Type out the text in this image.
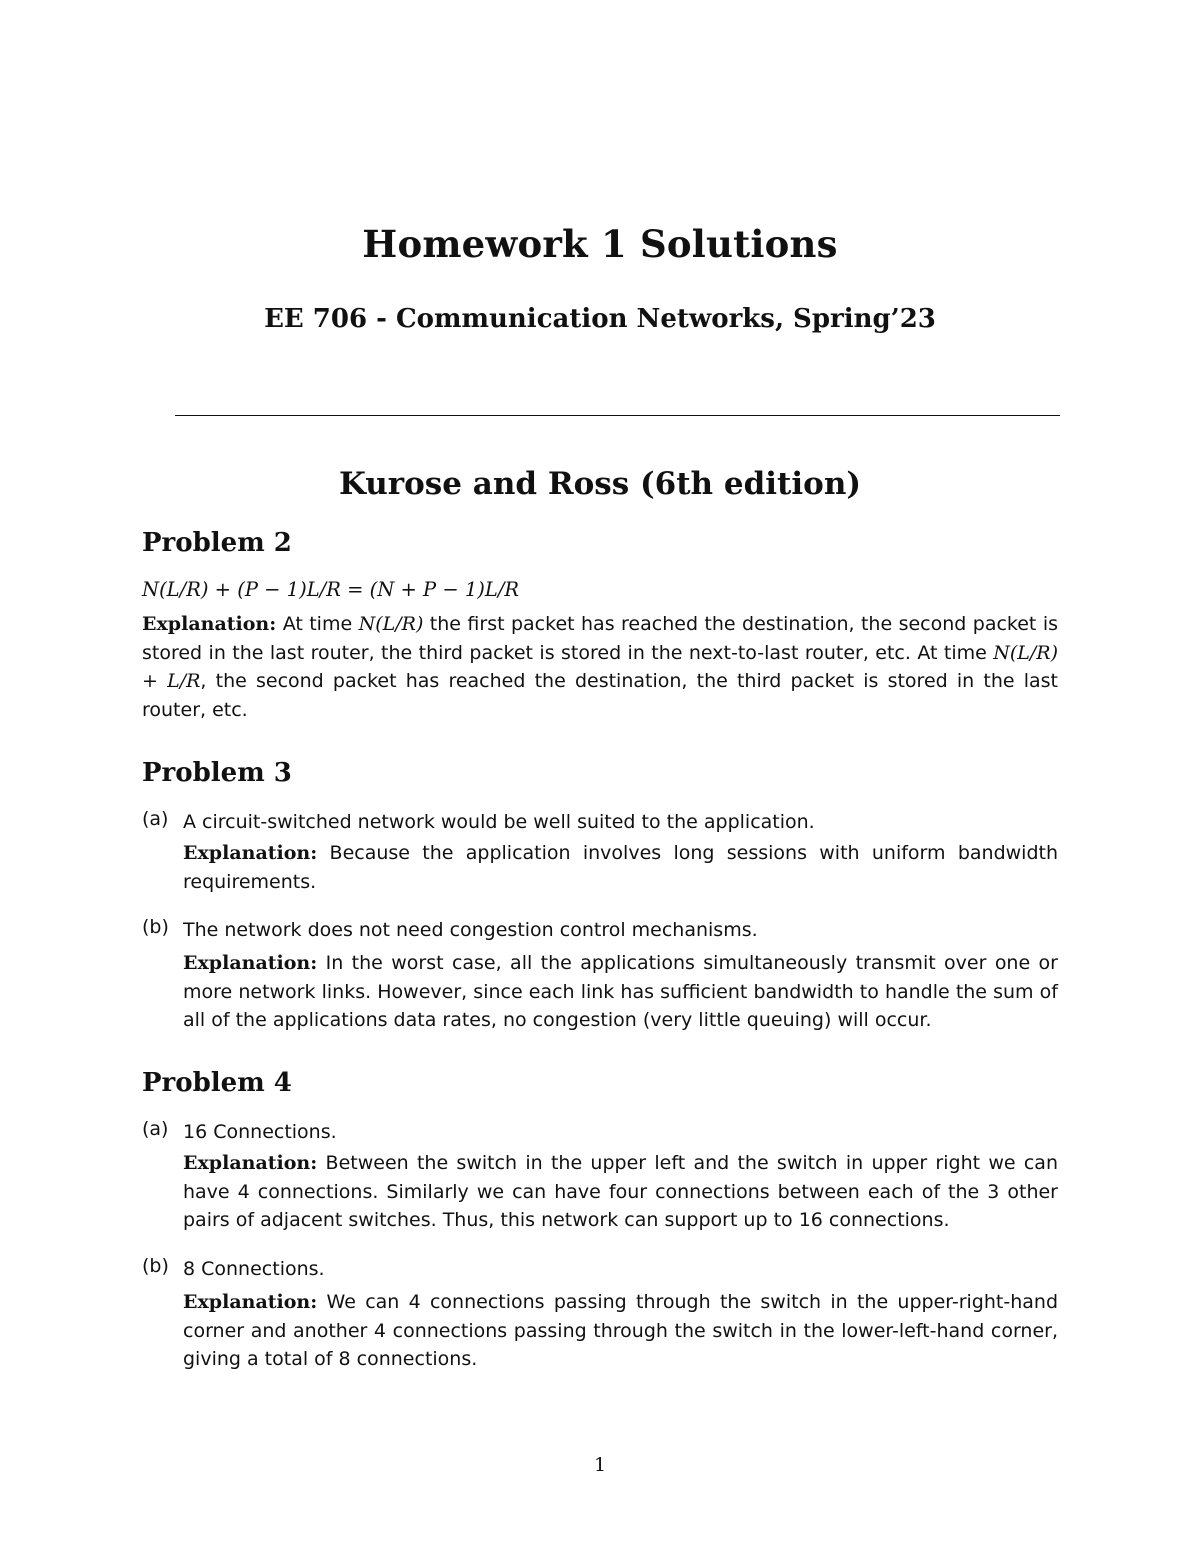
Homework 1 Solutions
EE 706 - Communication Networks, Spring’23
Kurose and Ross (6th edition)
Problem 2
N(L/R) + (P − 1)L/R = (N + P − 1)L/R
Explanation: At time N(L/R) the first packet has reached the destination, the second packet is stored in the last router, the third packet is stored in the next-to-last router, etc. At time N(L/R) + L/R, the second packet has reached the destination, the third packet is stored in the last router, etc.
Problem 3
(a) A circuit-switched network would be well suited to the application.
Explanation: Because the application involves long sessions with uniform bandwidth requirements.
(b) The network does not need congestion control mechanisms.
Explanation: In the worst case, all the applications simultaneously transmit over one or more network links. However, since each link has sufficient bandwidth to handle the sum of all of the applications data rates, no congestion (very little queuing) will occur.
Problem 4
(a) 16 Connections.
Explanation: Between the switch in the upper left and the switch in upper right we can have 4 connections. Similarly we can have four connections between each of the 3 other pairs of adjacent switches. Thus, this network can support up to 16 connections.
(b) 8 Connections.
Explanation: We can 4 connections passing through the switch in the upper-right-hand corner and another 4 connections passing through the switch in the lower-left-hand corner, giving a total of 8 connections.
1
